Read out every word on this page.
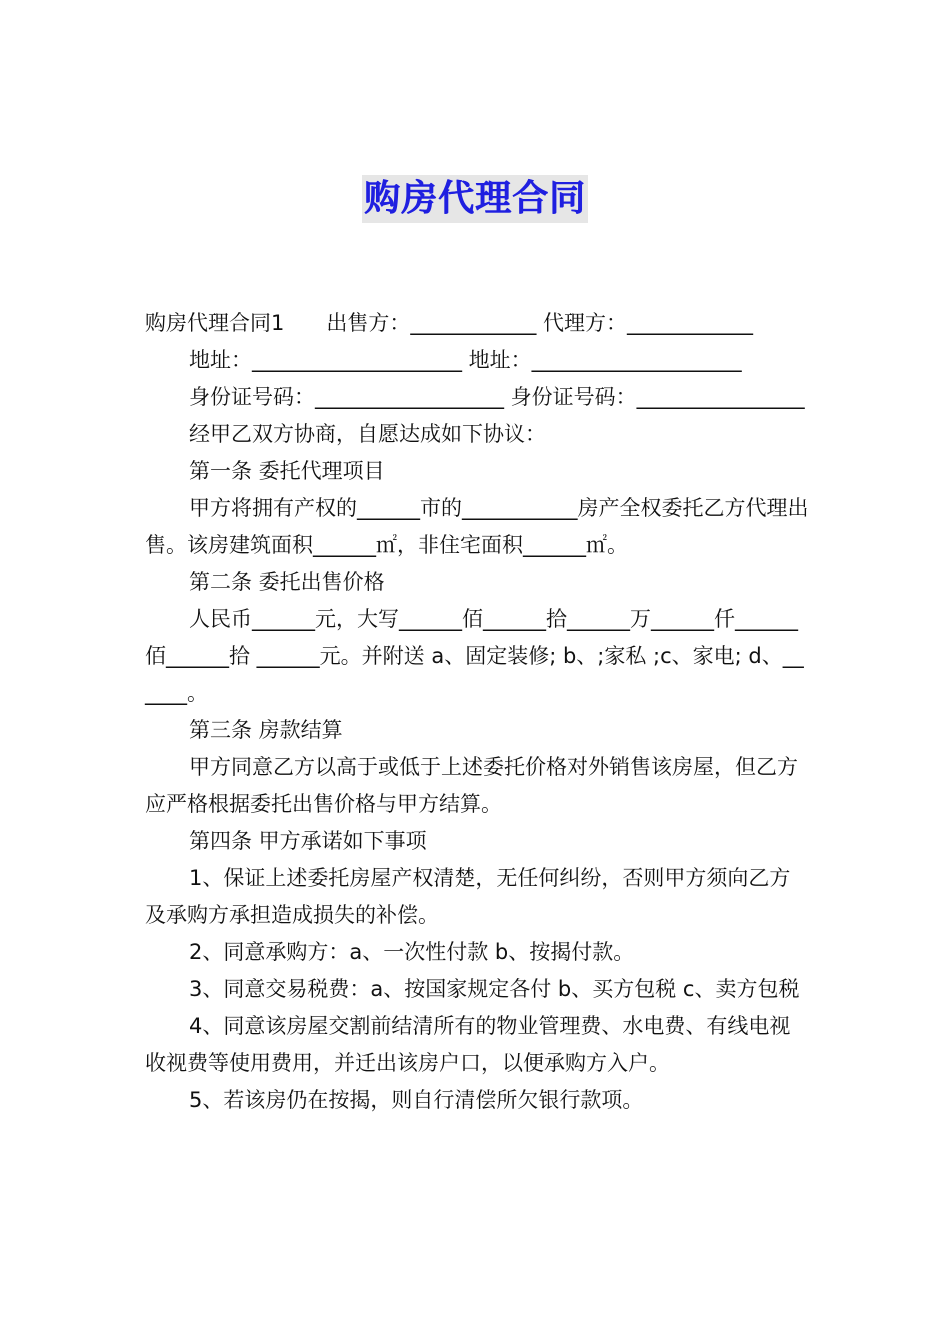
购房代理合同

购房代理合同1　　出售方：____________ 代理方：____________

地址：____________________ 地址：____________________

身份证号码：__________________ 身份证号码：________________

经甲乙双方协商，自愿达成如下协议：

第一条 委托代理项目

甲方将拥有产权的______市的___________房产全权委托乙方代理出售。该房建筑面积______㎡，非住宅面积______㎡。

第二条 委托出售价格

人民币______元，大写______佰______拾______万______仟______佰______拾 ______元。并附送 a、固定装修; b、;家私 ;c、家电; d、______。

第三条 房款结算

甲方同意乙方以高于或低于上述委托价格对外销售该房屋，但乙方应严格根据委托出售价格与甲方结算。

第四条 甲方承诺如下事项

1、保证上述委托房屋产权清楚，无任何纠纷，否则甲方须向乙方及承购方承担造成损失的补偿。

2、同意承购方：a、一次性付款 b、按揭付款。

3、同意交易税费：a、按国家规定各付 b、买方包税 c、卖方包税

4、同意该房屋交割前结清所有的物业管理费、水电费、有线电视收视费等使用费用，并迁出该房户口，以便承购方入户。

5、若该房仍在按揭，则自行清偿所欠银行款项。
